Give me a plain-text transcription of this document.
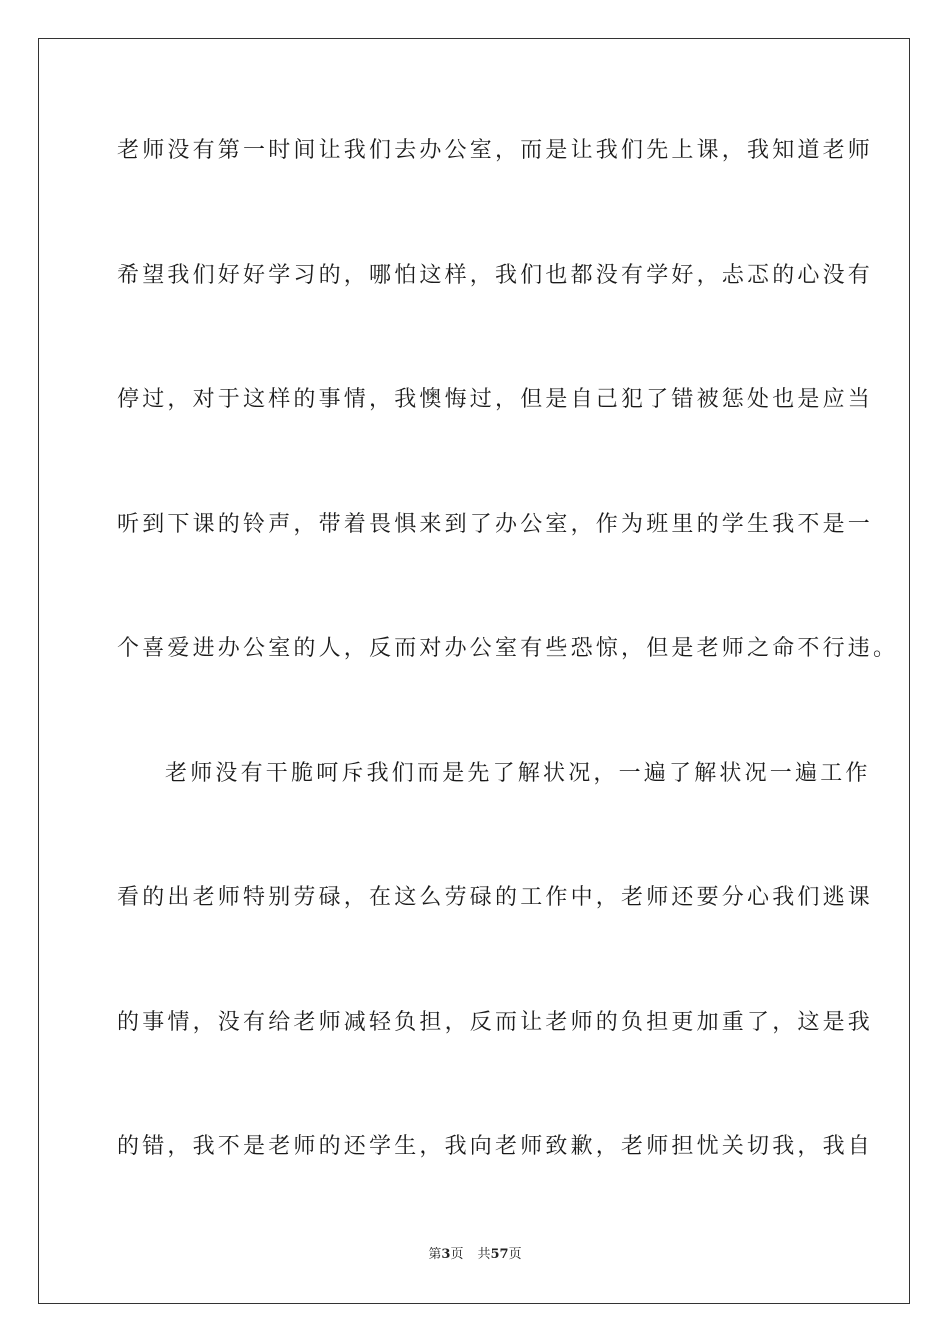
老师没有第一时间让我们去办公室，而是让我们先上课，我知道老师
希望我们好好学习的，哪怕这样，我们也都没有学好，忐忑的心没有
停过，对于这样的事情，我懊悔过，但是自己犯了错被惩处也是应当
听到下课的铃声，带着畏惧来到了办公室，作为班里的学生我不是一
个喜爱进办公室的人，反而对办公室有些恐惊，但是老师之命不行违。
老师没有干脆呵斥我们而是先了解状况，一遍了解状况一遍工作
看的出老师特别劳碌，在这么劳碌的工作中，老师还要分心我们逃课
的事情，没有给老师减轻负担，反而让老师的负担更加重了，这是我
的错，我不是老师的还学生，我向老师致歉，老师担忧关切我，我自
第3页 共57页
